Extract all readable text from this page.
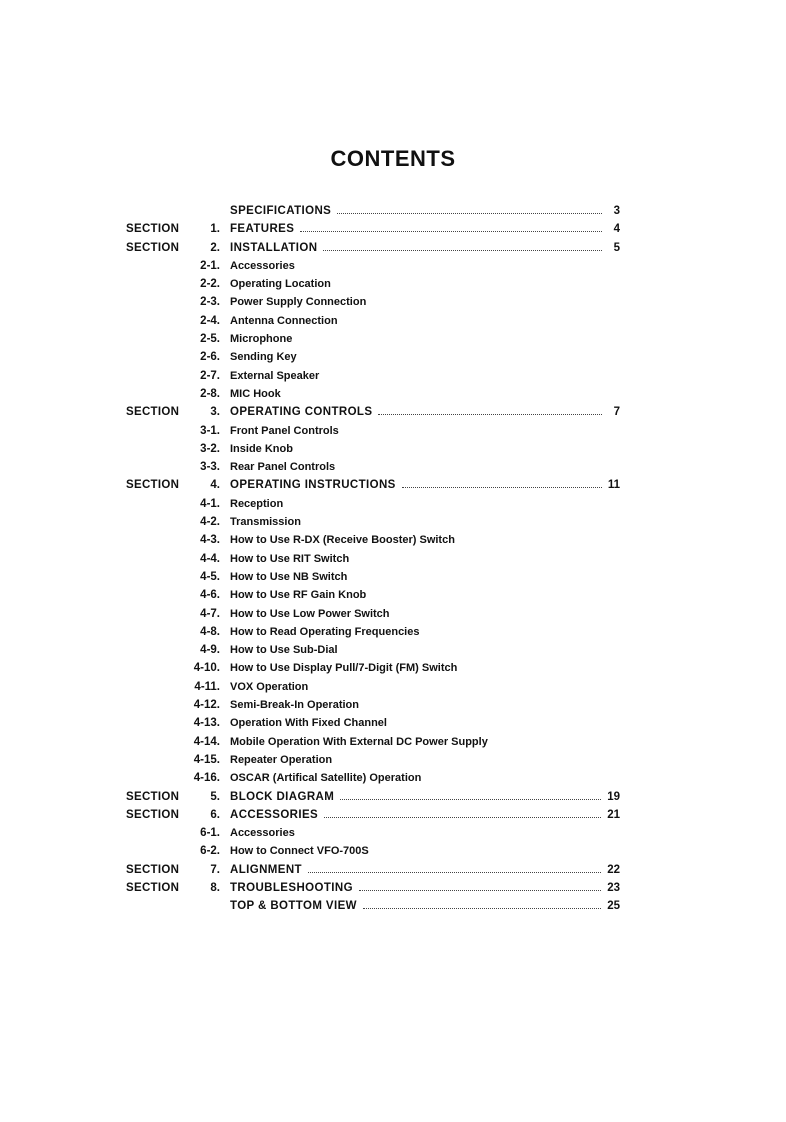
CONTENTS
SPECIFICATIONS	3
SECTION	1. FEATURES	4
SECTION	2. INSTALLATION	5
2-1. Accessories
2-2. Operating Location
2-3. Power Supply Connection
2-4. Antenna Connection
2-5. Microphone
2-6. Sending Key
2-7. External Speaker
2-8. MIC Hook
SECTION	3. OPERATING CONTROLS	7
3-1. Front Panel Controls
3-2. Inside Knob
3-3. Rear Panel Controls
SECTION	4. OPERATING INSTRUCTIONS	11
4-1. Reception
4-2. Transmission
4-3. How to Use R-DX (Receive Booster) Switch
4-4. How to Use RIT Switch
4-5. How to Use NB Switch
4-6. How to Use RF Gain Knob
4-7. How to Use Low Power Switch
4-8. How to Read Operating Frequencies
4-9. How to Use Sub-Dial
4-10. How to Use Display Pull/7-Digit (FM) Switch
4-11. VOX Operation
4-12. Semi-Break-In Operation
4-13. Operation With Fixed Channel
4-14. Mobile Operation With External DC Power Supply
4-15. Repeater Operation
4-16. OSCAR (Artifical Satellite) Operation
SECTION	5. BLOCK DIAGRAM	19
SECTION	6. ACCESSORIES	21
6-1. Accessories
6-2. How to Connect VFO-700S
SECTION	7. ALIGNMENT	22
SECTION	8. TROUBLESHOOTING	23
TOP & BOTTOM VIEW	25
